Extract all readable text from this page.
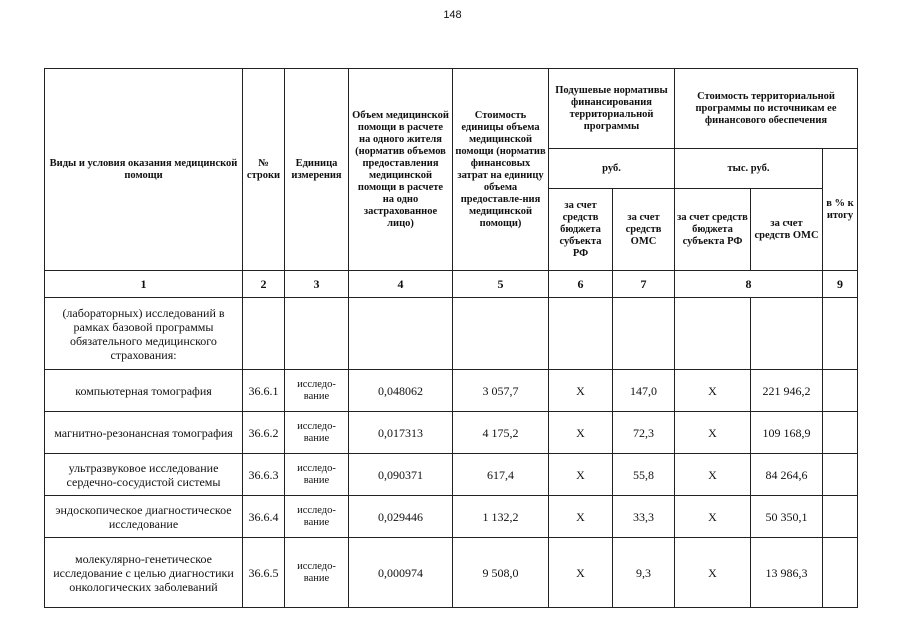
148
Виды и условия оказания медицинской помощи	№ строки	Единица измерения	Объем медицинской помощи в расчете на одного жителя (норматив объемов предоставления медицинской помощи в расчете на одно застрахованное лицо)	Стоимость единицы объема медицинской помощи (норматив финансовых затрат на единицу объема предоставле-ния медицинской помощи)	Подушевые нормативы финансирования территориальной программы		Стоимость территориальной программы по источникам ее финансового обеспечения		
					руб.		тыс. руб.		в % к итогу
					за счет средств бюджета субъекта РФ	за счет средств ОМС	за счет средств бюджета субъекта РФ	за счет средств ОМС	
1	2	3	4	5	6	7	8		9
(лабораторных) исследований в рамках базовой программы обязательного медицинского страхования:									
компьютерная томография	36.6.1	исследо-вание	0,048062	3 057,7	X	147,0	X	221 946,2	
магнитно-резонансная томография	36.6.2	исследо-вание	0,017313	4 175,2	X	72,3	X	109 168,9	
ультразвуковое исследование сердечно-сосудистой системы	36.6.3	исследо-вание	0,090371	617,4	X	55,8	X	84 264,6	
эндоскопическое диагностическое исследование	36.6.4	исследо-вание	0,029446	1 132,2	X	33,3	X	50 350,1	
молекулярно-генетическое исследование с целью диагностики онкологических заболеваний	36.6.5	исследо-вание	0,000974	9 508,0	X	9,3	X	13 986,3	
